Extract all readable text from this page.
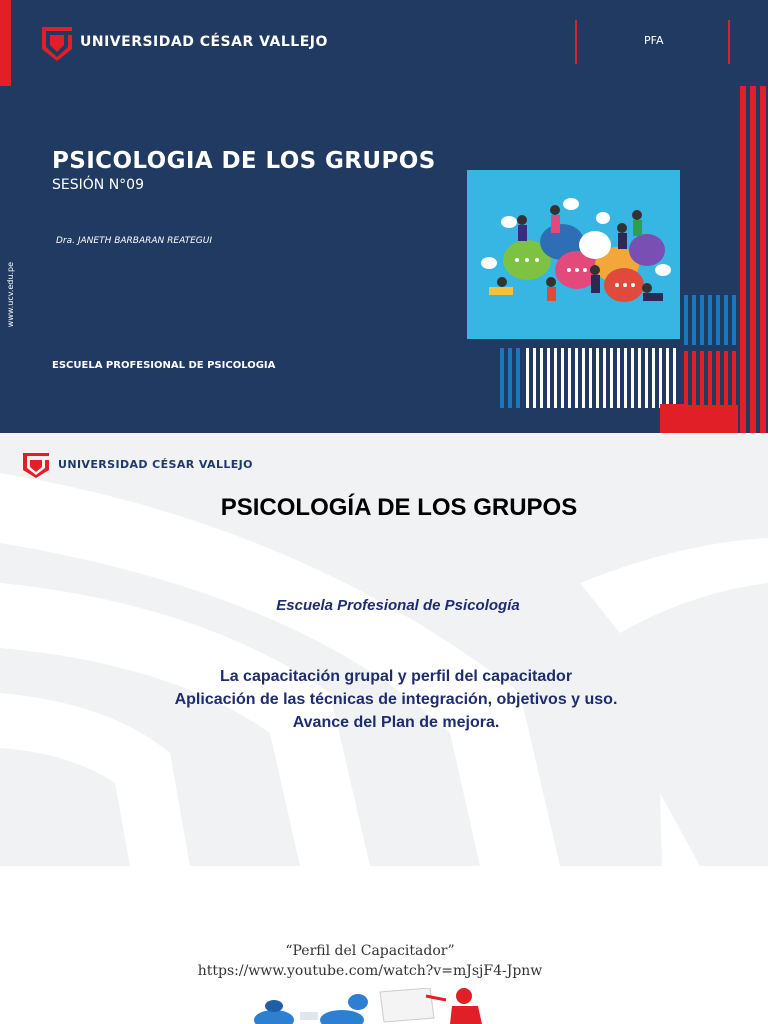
UNIVERSIDAD CÉSAR VALLEJO	PFA
PSICOLOGIA DE LOS GRUPOS
SESIÓN N°09
Dra. JANETH BARBARAN REATEGUI
www.ucv.edu.pe
ESCUELA PROFESIONAL DE PSICOLOGIA
UNIVERSIDAD CÉSAR VALLEJO
PSICOLOGÍA DE LOS GRUPOS
Escuela Profesional de Psicología
La capacitación grupal y perfil del capacitador
Aplicación de las técnicas de integración, objetivos y uso.
Avance del Plan de mejora.
“Perfil del Capacitador”
https://www.youtube.com/watch?v=mJsjF4-Jpnw
